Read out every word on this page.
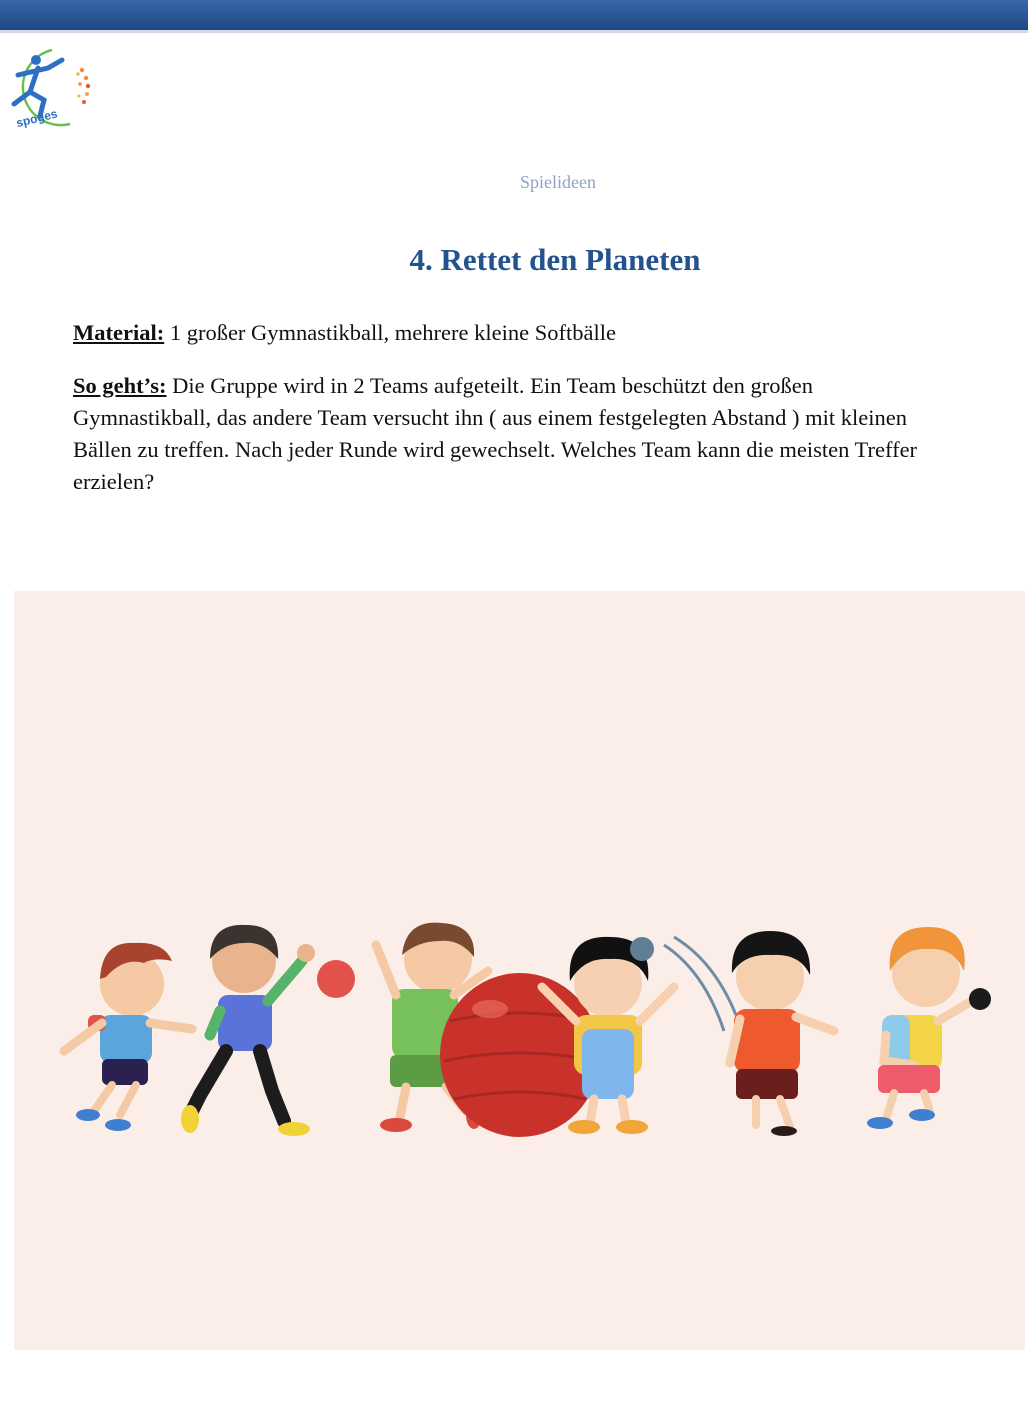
spoges
Spielideen
4. Rettet den Planeten

Material: 1 großer Gymnastikball, mehrere kleine Softbälle

So geht’s: Die Gruppe wird in 2 Teams aufgeteilt. Ein Team beschützt den großen Gymnastikball, das andere Team versucht ihn ( aus einem festgelegten Abstand ) mit kleinen Bällen zu treffen. Nach jeder Runde wird gewechselt. Welches Team kann die meisten Treffer erzielen?
